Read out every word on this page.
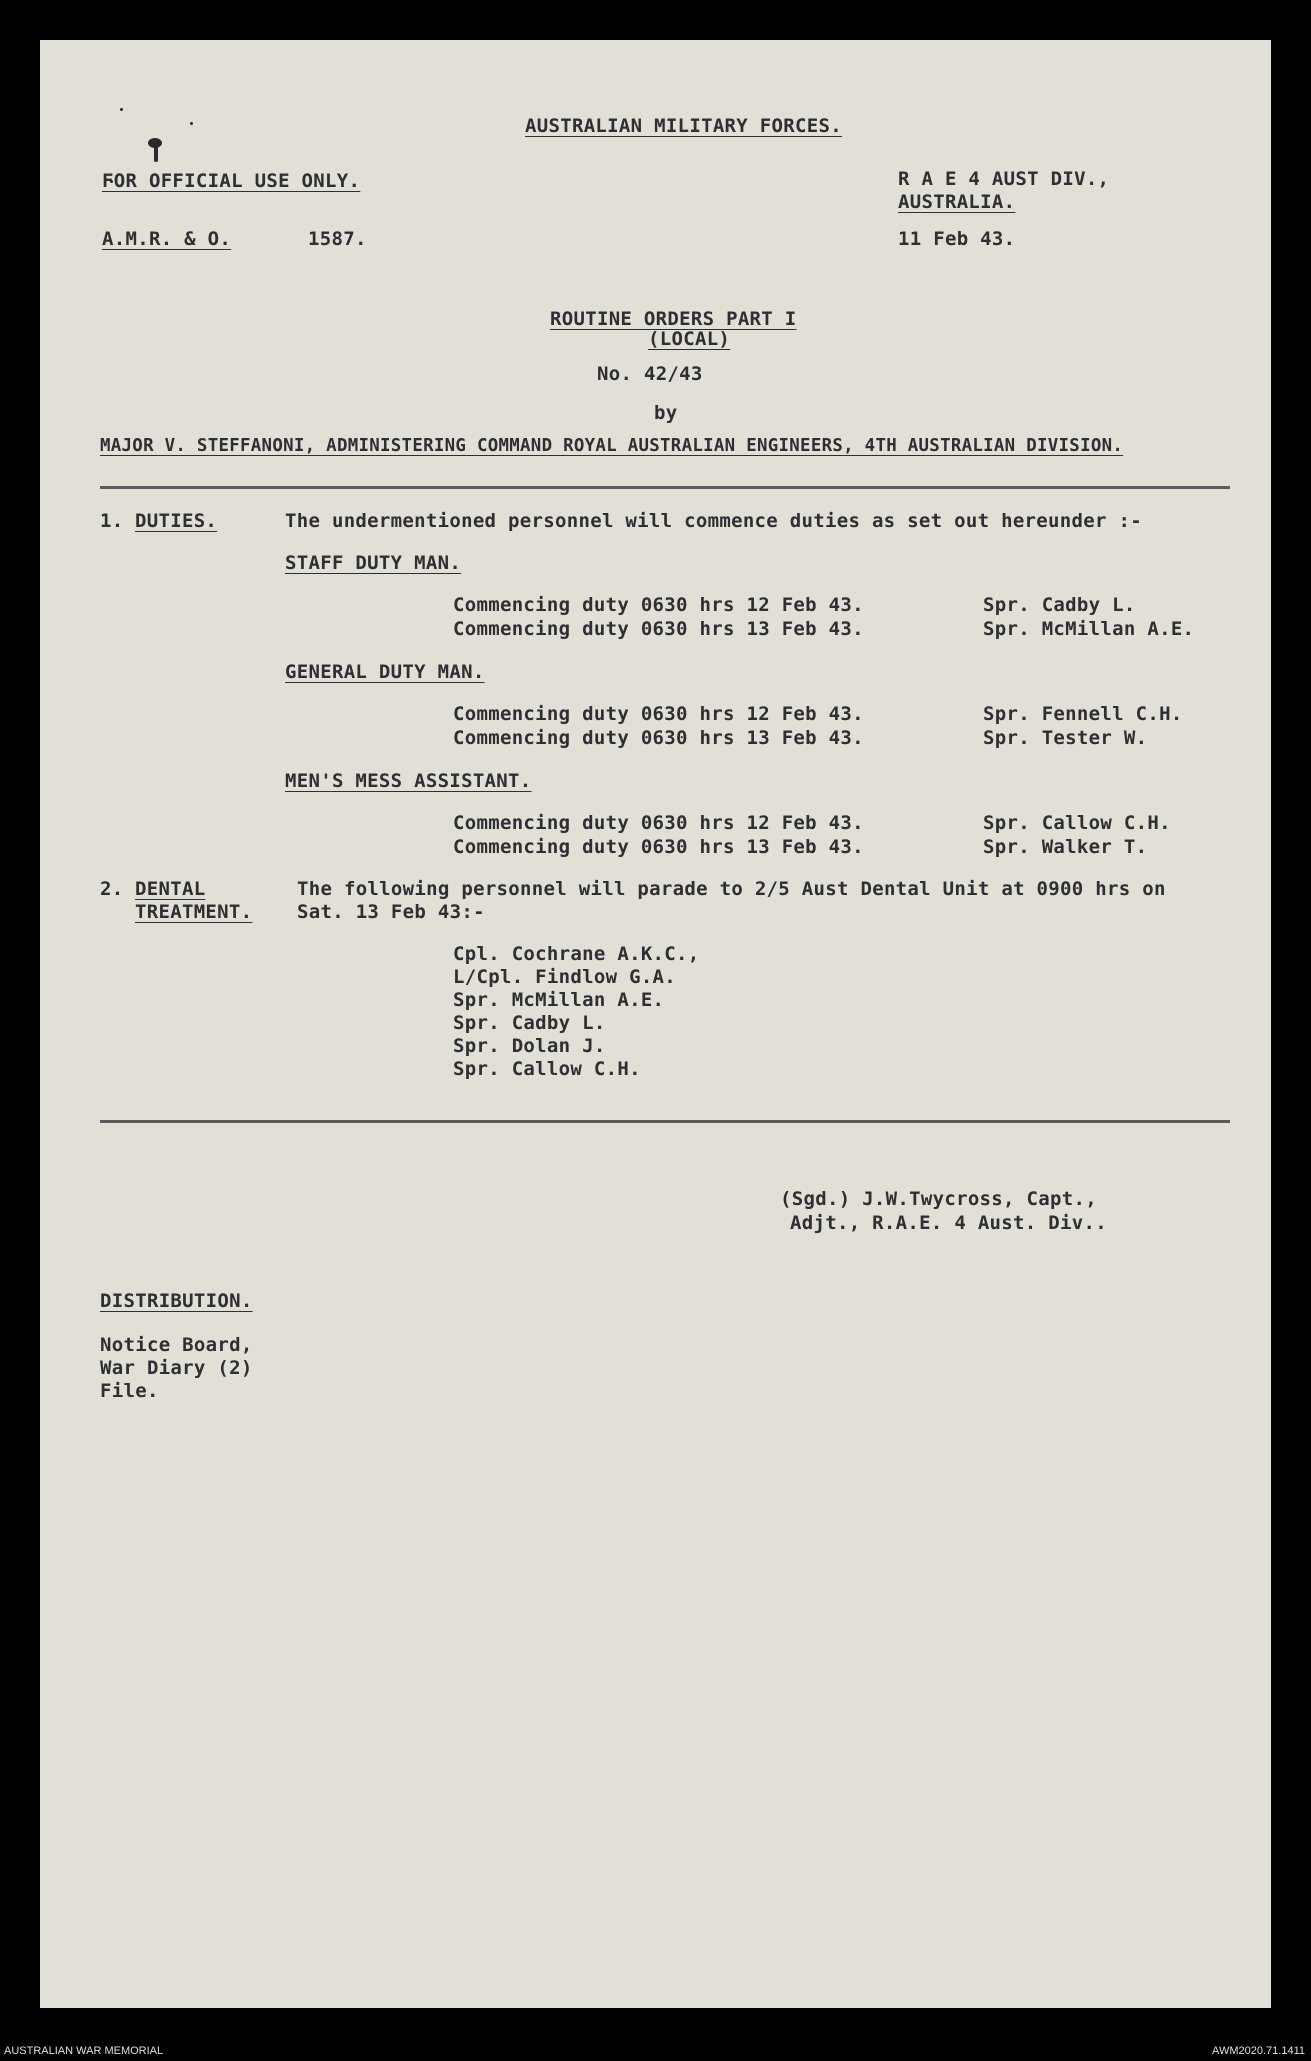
AUSTRALIAN MILITARY FORCES.
FOR OFFICIAL USE ONLY.	R A E 4 AUST DIV.,
AUSTRALIA.
A.M.R. & O.	1587.	11 Feb 43.
ROUTINE ORDERS PART I
(LOCAL)
No. 42/43
by
MAJOR V. STEFFANONI, ADMINISTERING COMMAND ROYAL AUSTRALIAN ENGINEERS, 4TH AUSTRALIAN DIVISION.
1. DUTIES.	The undermentioned personnel will commence duties as set out hereunder :-
STAFF DUTY MAN.
Commencing duty 0630 hrs 12 Feb 43.	Spr. Cadby L.
Commencing duty 0630 hrs 13 Feb 43.	Spr. McMillan A.E.
GENERAL DUTY MAN.
Commencing duty 0630 hrs 12 Feb 43.	Spr. Fennell C.H.
Commencing duty 0630 hrs 13 Feb 43.	Spr. Tester W.
MEN'S MESS ASSISTANT.
Commencing duty 0630 hrs 12 Feb 43.	Spr. Callow C.H.
Commencing duty 0630 hrs 13 Feb 43.	Spr. Walker T.
2. DENTAL
TREATMENT.
The following personnel will parade to 2/5 Aust Dental Unit at 0900 hrs on
Sat. 13 Feb 43:-
Cpl. Cochrane A.K.C.,
L/Cpl. Findlow G.A.
Spr. McMillan A.E.
Spr. Cadby L.
Spr. Dolan J.
Spr. Callow C.H.
(Sgd.) J.W.Twycross, Capt.,
Adjt., R.A.E. 4 Aust. Div..
DISTRIBUTION.
Notice Board,
War Diary (2)
File.
AUSTRALIAN WAR MEMORIAL	AWM2020.71.1411
